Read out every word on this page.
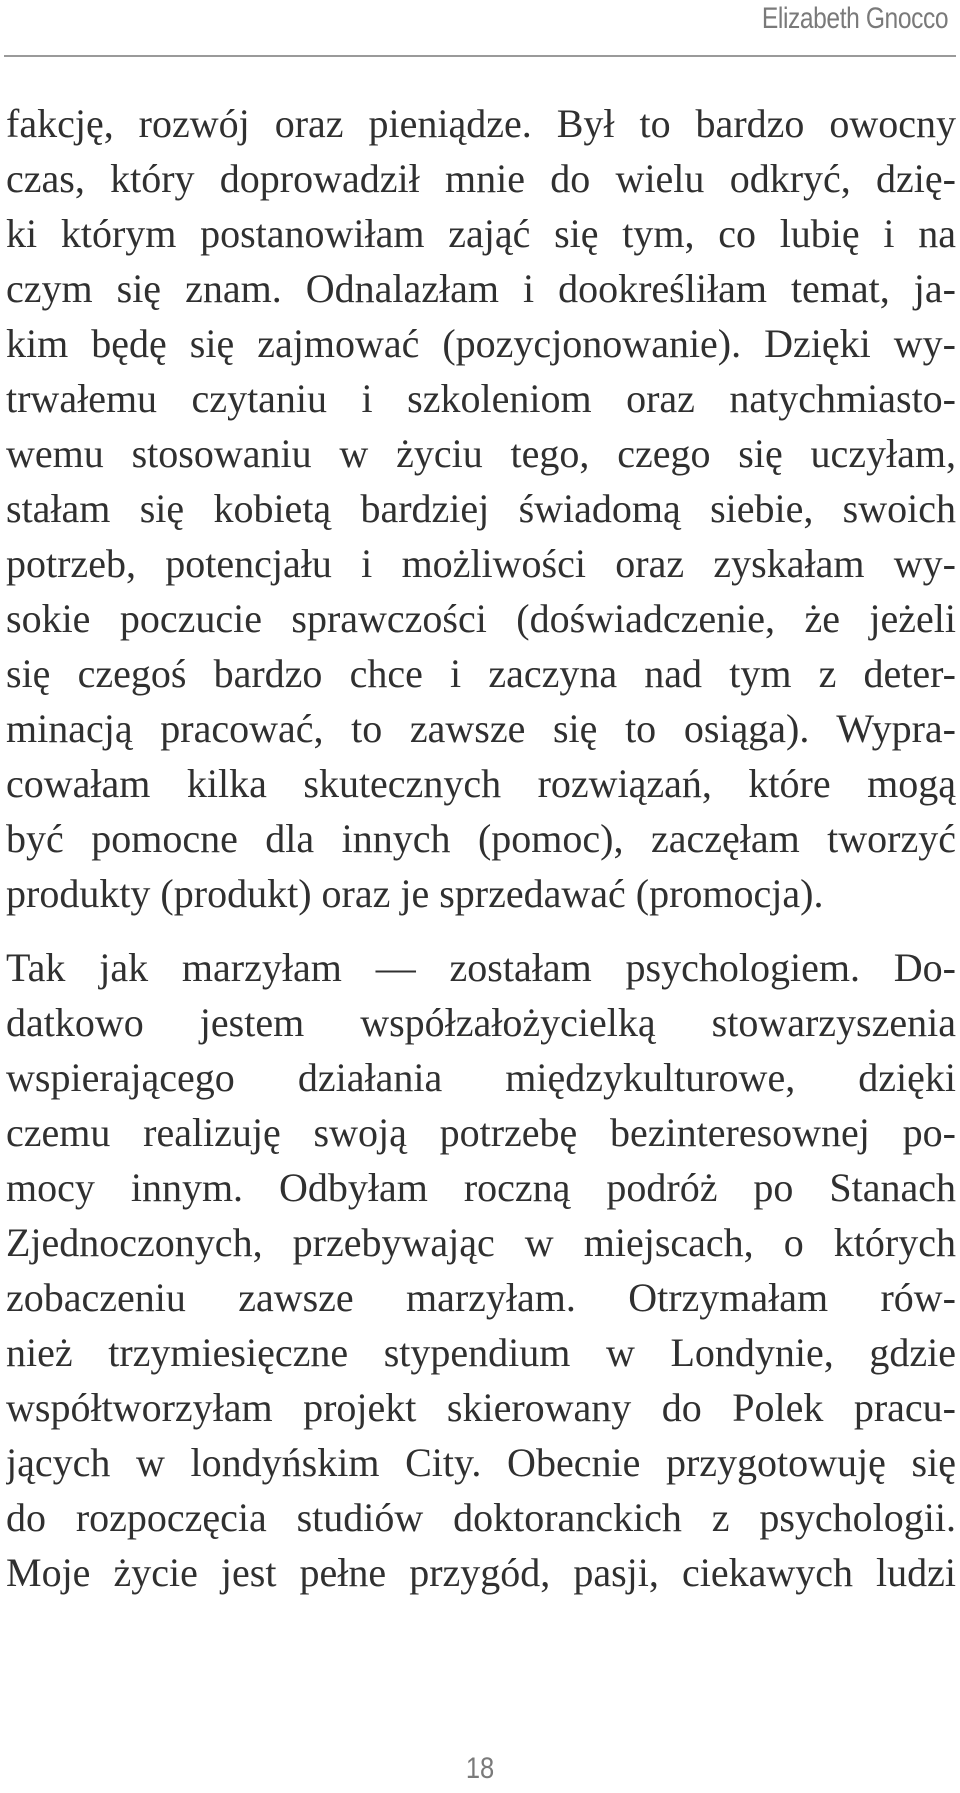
Elizabeth Gnocco
fakcję, rozwój oraz pieniądze. Był to bardzo owocny
czas, który doprowadził mnie do wielu odkryć, dzię-
ki którym postanowiłam zająć się tym, co lubię i na
czym się znam. Odnalazłam i dookreśliłam temat, ja-
kim będę się zajmować (pozycjonowanie). Dzięki wy-
trwałemu czytaniu i szkoleniom oraz natychmiasto-
wemu stosowaniu w życiu tego, czego się uczyłam,
stałam się kobietą bardziej świadomą siebie, swoich
potrzeb, potencjału i możliwości oraz zyskałam wy-
sokie poczucie sprawczości (doświadczenie, że jeżeli
się czegoś bardzo chce i zaczyna nad tym z deter-
minacją pracować, to zawsze się to osiąga). Wypra-
cowałam kilka skutecznych rozwiązań, które mogą
być pomocne dla innych (pomoc), zaczęłam tworzyć
produkty (produkt) oraz je sprzedawać (promocja).
Tak jak marzyłam — zostałam psychologiem. Do-
datkowo jestem współzałożycielką stowarzyszenia
wspierającego działania międzykulturowe, dzięki
czemu realizuję swoją potrzebę bezinteresownej po-
mocy innym. Odbyłam roczną podróż po Stanach
Zjednoczonych, przebywając w miejscach, o których
zobaczeniu zawsze marzyłam. Otrzymałam rów-
nież trzymiesięczne stypendium w Londynie, gdzie
współtworzyłam projekt skierowany do Polek pracu-
jących w londyńskim City. Obecnie przygotowuję się
do rozpoczęcia studiów doktoranckich z psychologii.
Moje życie jest pełne przygód, pasji, ciekawych ludzi
18
